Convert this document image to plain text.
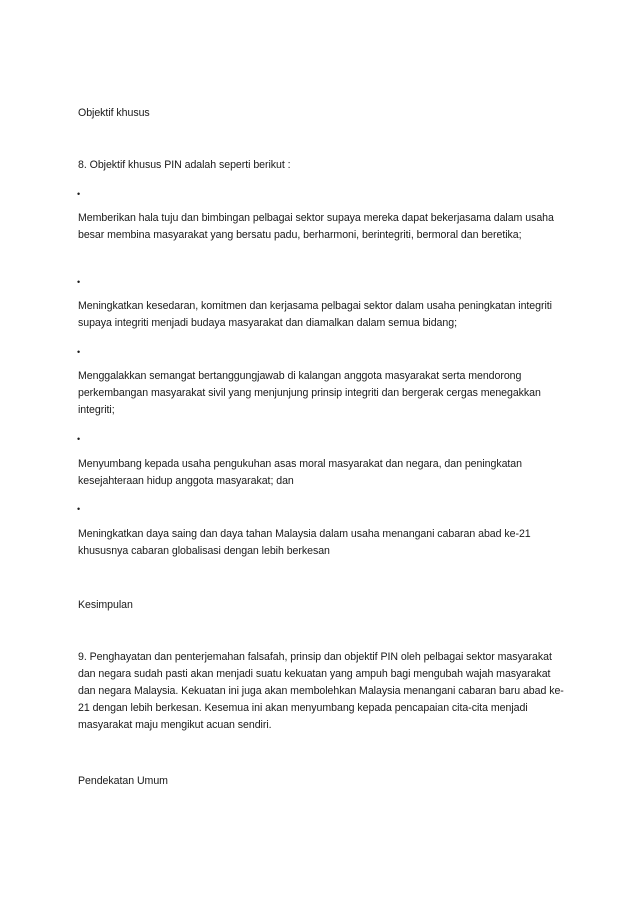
Objektif khusus

8. Objektif khusus PIN adalah seperti berikut :

•

Memberikan hala tuju dan bimbingan pelbagai sektor supaya mereka dapat bekerjasama dalam usaha besar membina masyarakat yang bersatu padu, berharmoni, berintegriti, bermoral dan beretika;

•

Meningkatkan kesedaran, komitmen dan kerjasama pelbagai sektor dalam usaha peningkatan integriti supaya integriti menjadi budaya masyarakat dan diamalkan dalam semua bidang;

•

Menggalakkan semangat bertanggungjawab di kalangan anggota masyarakat serta mendorong perkembangan masyarakat sivil yang menjunjung prinsip integriti dan bergerak cergas menegakkan integriti;

•

Menyumbang kepada usaha pengukuhan asas moral masyarakat dan negara, dan peningkatan kesejahteraan hidup anggota masyarakat; dan

•

Meningkatkan daya saing dan daya tahan Malaysia dalam usaha menangani cabaran abad ke-21 khususnya cabaran globalisasi dengan lebih berkesan

Kesimpulan

9. Penghayatan dan penterjemahan falsafah, prinsip dan objektif PIN oleh pelbagai sektor masyarakat dan negara sudah pasti akan menjadi suatu kekuatan yang ampuh bagi mengubah wajah masyarakat dan negara Malaysia. Kekuatan ini juga akan membolehkan Malaysia menangani cabaran baru abad ke-21 dengan lebih berkesan. Kesemua ini akan menyumbang kepada pencapaian cita-cita menjadi masyarakat maju mengikut acuan sendiri.

Pendekatan Umum
